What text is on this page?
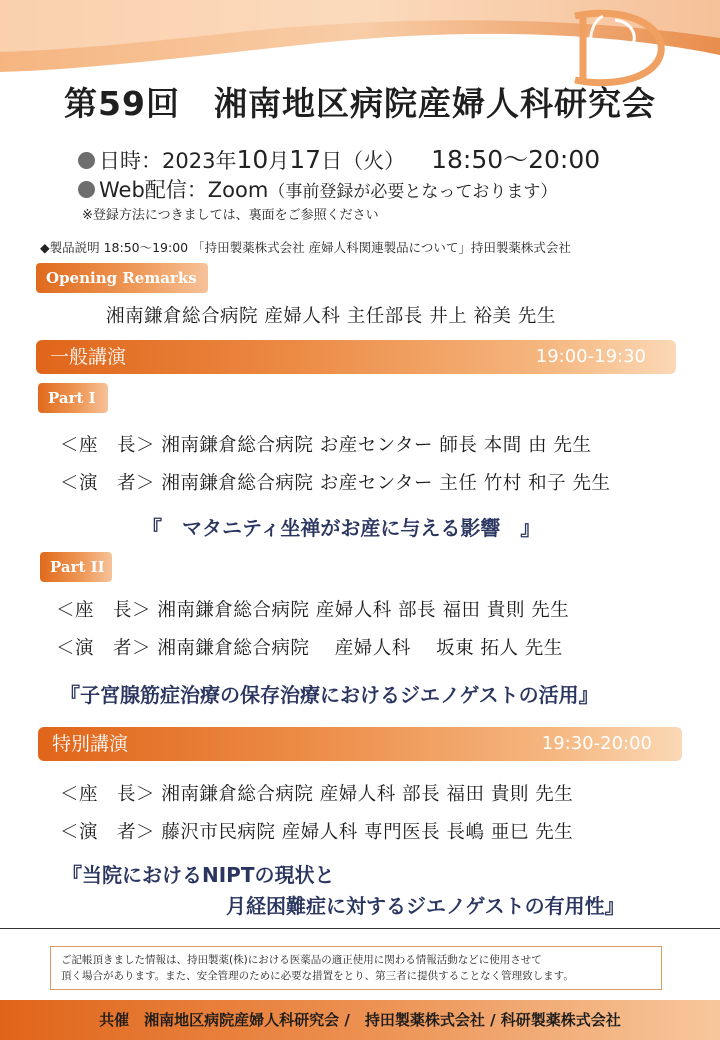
第59回　湘南地区病院産婦人科研究会
日時：2023年10月17日（火） 18:50～20:00
Web配信：Zoom（事前登録が必要となっております）
※登録方法につきましては、裏面をご参照ください
◆製品説明 18:50～19:00 「持田製薬株式会社 産婦人科関連製品について」持田製薬株式会社
Opening Remarks
湘南鎌倉総合病院 産婦人科 主任部長 井上 裕美 先生
一般講演	19:00-19:30
Part I
＜座　長＞ 湘南鎌倉総合病院 お産センター 師長 本間 由 先生
＜演　者＞ 湘南鎌倉総合病院 お産センター 主任 竹村 和子 先生
『　マタニティ坐禅がお産に与える影響　』
Part II
＜座　長＞ 湘南鎌倉総合病院 産婦人科 部長 福田 貴則 先生
＜演　者＞ 湘南鎌倉総合病院　 産婦人科　 坂東 拓人 先生
『子宮腺筋症治療の保存治療におけるジエノゲストの活用』
特別講演	19:30-20:00
＜座　長＞ 湘南鎌倉総合病院 産婦人科 部長 福田 貴則 先生
＜演　者＞ 藤沢市民病院 産婦人科 専門医長 長嶋 亜巳 先生
『当院におけるNIPTの現状と
月経困難症に対するジエノゲストの有用性』
ご記帳頂きました情報は、持田製薬(株)における医薬品の適正使用に関わる情報活動などに使用させて
頂く場合があります。また、安全管理のために必要な措置をとり、第三者に提供することなく管理致します。
共催　湘南地区病院産婦人科研究会 /　持田製薬株式会社 / 科研製薬株式会社
